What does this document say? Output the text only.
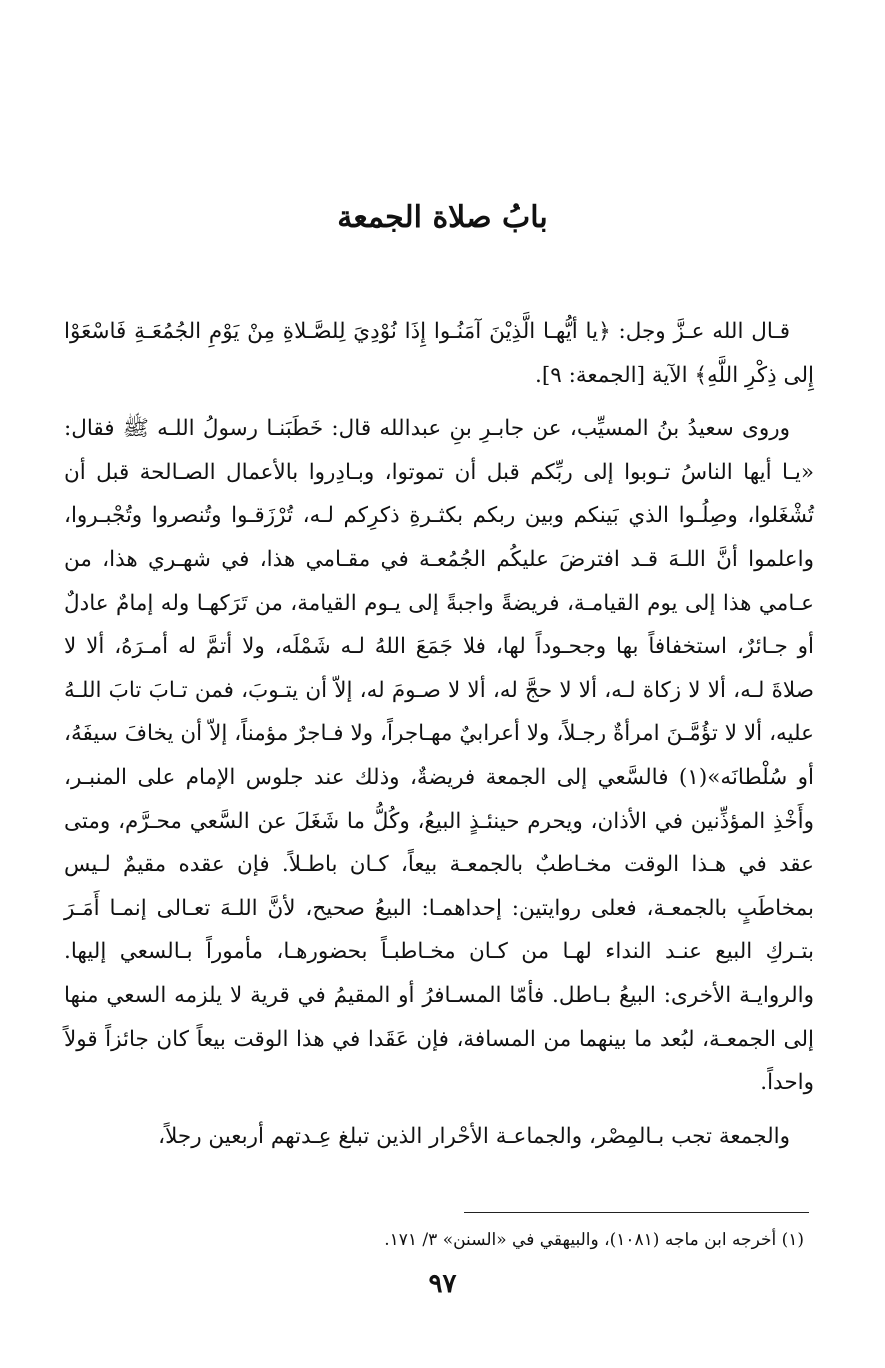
بابُ صلاة الجمعة

قـال الله عـزَّ وجل: ﴿يا أيُّهـا الَّذِيْنَ آمَنُـوا إِذَا نُوْدِيَ لِلصَّـلاةِ مِنْ يَوْمِ الجُمُعَـةِ فَاسْعَوْا إِلى ذِكْرِ اللَّهِ﴾ الآية [الجمعة: ٩].

وروى سعيدُ بنُ المسيِّب، عن جابـرِ بنِ عبدالله قال: خَطَبَنـا رسولُ اللـه ﷺ فقال: «يـا أيها الناسُ تـوبوا إلى ربِّكم قبل أن تموتوا، وبـادِروا بالأعمال الصـالحة قبل أن تُشْغَلوا، وصِلُـوا الذي بَينكم وبين ربكم بكثـرةِ ذكرِكم لـه، تُرْزَقـوا وتُنصروا وتُجْبـروا، واعلموا أنَّ اللـهَ قـد افترضَ عليكُم الجُمُعـة في مقـامي هذا، في شهـري هذا، من عـامي هذا إلى يوم القيامـة، فريضةً واجبةً إلى يـوم القيامة، من تَرَكهـا وله إمامٌ عادلٌ أو جـائرٌ، استخفافاً بها وجحـوداً لها، فلا جَمَعَ اللهُ لـه شَمْلَه، ولا أتمَّ له أمـرَهُ، ألا لا صلاةَ لـه، ألا لا زكاة لـه، ألا لا حجَّ له، ألا لا صـومَ له، إلاّ أن يتـوبَ، فمن تـابَ تابَ اللـهُ عليه، ألا لا تؤُمَّـنَ امرأةٌ رجـلاً، ولا أعرابيٌ مهـاجراً، ولا فـاجرٌ مؤمناً، إلاّ أن يخافَ سيفَهُ، أو سُلْطانَه»(١) فالسَّعي إلى الجمعة فريضةٌ، وذلك عند جلوس الإمام على المنبـر، وأَخْذِ المؤذِّنين في الأذان، ويحرم حينئـذٍ البيعُ، وكُلُّ ما شَغَلَ عن السَّعي محـرَّم، ومتى عقد في هـذا الوقت مخـاطبٌ بالجمعـة بيعاً، كـان باطـلاً. فإن عقده مقيمٌ لـيس بمخاطَبٍ بالجمعـة، فعلى روايتين: إحداهمـا: البيعُ صحيح، لأنَّ اللـهَ تعـالى إنمـا أَمَـرَ بتـركِ البيع عنـد النداء لهـا من كـان مخـاطبـاً بحضورهـا، مأموراً بـالسعي إليها. والروايـة الأخرى: البيعُ بـاطل. فأمّا المسـافرُ أو المقيمُ في قرية لا يلزمه السعي منها إلى الجمعـة، لبُعد ما بينهما من المسافة، فإن عَقَدا في هذا الوقت بيعاً كان جائزاً قولاً واحداً.

والجمعة تجب بـالمِصْر، والجماعـة الأحْرار الذين تبلغ عِـدتهم أربعين رجلاً،

(١) أخرجه ابن ماجه (١٠٨١)، والبيهقي في «السنن» ٣/ ١٧١.

٩٧
